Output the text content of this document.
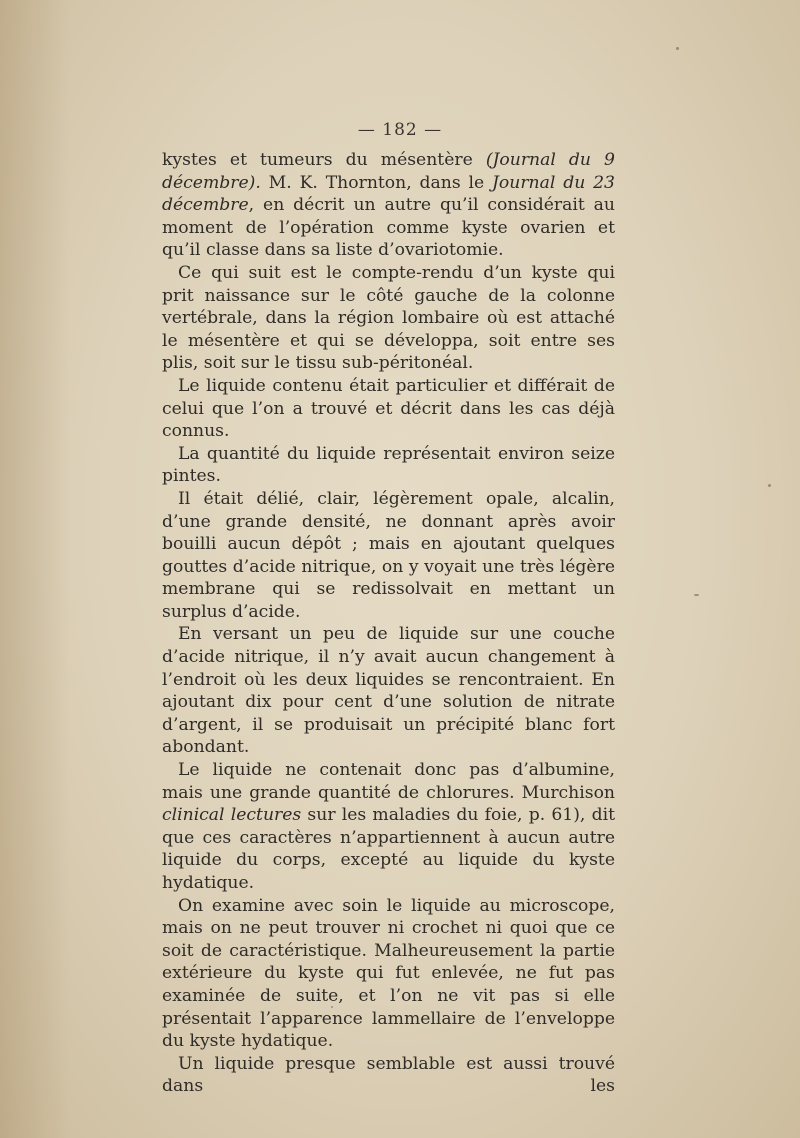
— 182 —

kystes et tumeurs du mésentère (Journal du 9 décembre). M. K. Thornton, dans le Journal du 23 décembre, en décrit un autre qu’il considérait au moment de l’opération comme kyste ovarien et qu’il classe dans sa liste d’ovariotomie.

Ce qui suit est le compte-rendu d’un kyste qui prit naissance sur le côté gauche de la colonne vertébrale, dans la région lombaire où est attaché le mésentère et qui se développa, soit entre ses plis, soit sur le tissu sub-péritonéal.

Le liquide contenu était particulier et différait de celui que l’on a trouvé et décrit dans les cas déjà connus.

La quantité du liquide représentait environ seize pintes.

Il était délié, clair, légèrement opale, alcalin, d’une grande densité, ne donnant après avoir bouilli aucun dépôt ; mais en ajoutant quelques gouttes d’acide nitrique, on y voyait une très légère membrane qui se redissolvait en mettant un surplus d’acide.

En versant un peu de liquide sur une couche d’acide nitrique, il n’y avait aucun changement à l’endroit où les deux liquides se rencontraient. En ajoutant dix pour cent d’une solution de nitrate d’argent, il se produisait un précipité blanc fort abondant.

Le liquide ne contenait donc pas d’albumine, mais une grande quantité de chlorures. Murchison clinical lectures sur les maladies du foie, p. 61), dit que ces caractères n’appartiennent à aucun autre liquide du corps, excepté au liquide du kyste hydatique.

On examine avec soin le liquide au microscope, mais on ne peut trouver ni crochet ni quoi que ce soit de caractéristique. Malheureusement la partie extérieure du kyste qui fut enlevée, ne fut pas examinée de suite, et l’on ne vit pas si elle présentait l’apparence lammellaire de l’enveloppe du kyste hydatique.

Un liquide presque semblable est aussi trouvé dans les
